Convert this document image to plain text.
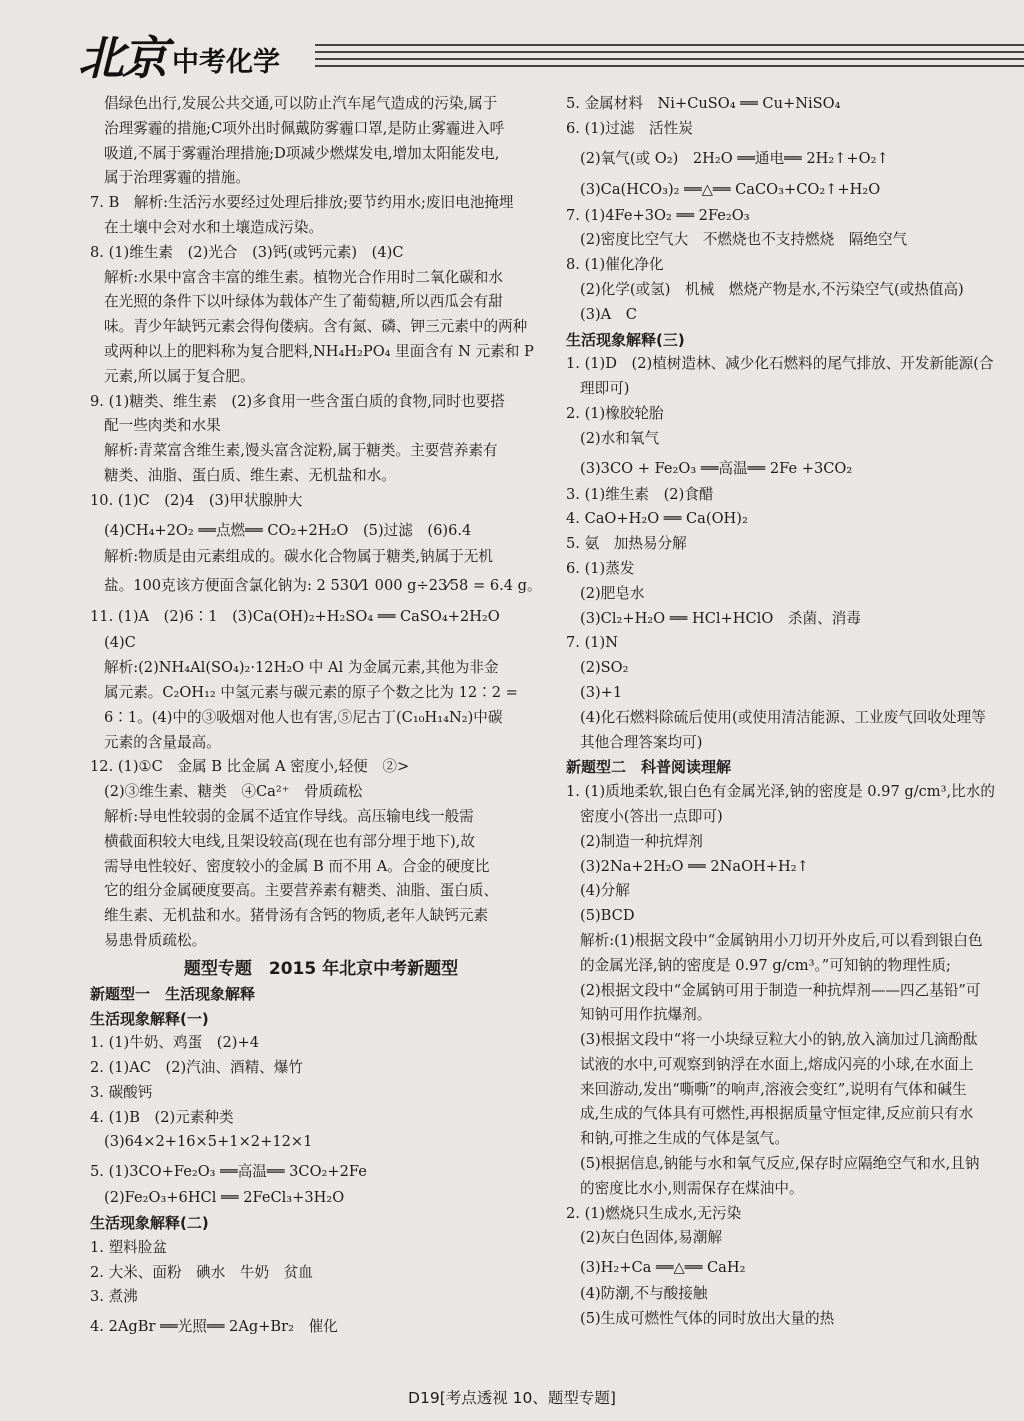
北京 中考化学
倡绿色出行,发展公共交通,可以防止汽车尾气造成的污染,属于
治理雾霾的措施;C项外出时佩戴防雾霾口罩,是防止雾霾进入呼
吸道,不属于雾霾治理措施;D项减少燃煤发电,增加太阳能发电,
属于治理雾霾的措施。
7. B　解析:生活污水要经过处理后排放;要节约用水;废旧电池掩埋
在土壤中会对水和土壤造成污染。
8. (1)维生素　(2)光合　(3)钙(或钙元素)　(4)C
解析:水果中富含丰富的维生素。植物光合作用时二氧化碳和水
在光照的条件下以叶绿体为载体产生了葡萄糖,所以西瓜会有甜
味。青少年缺钙元素会得佝偻病。含有氮、磷、钾三元素中的两种
或两种以上的肥料称为复合肥料,NH₄H₂PO₄ 里面含有 N 元素和 P
元素,所以属于复合肥。
9. (1)糖类、维生素　(2)多食用一些含蛋白质的食物,同时也要搭
配一些肉类和水果
解析:青菜富含维生素,馒头富含淀粉,属于糖类。主要营养素有
糖类、油脂、蛋白质、维生素、无机盐和水。
10. (1)C　(2)4　(3)甲状腺肿大
(4)CH₄+2O₂ ══点燃══ CO₂+2H₂O　(5)过滤　(6)6.4
解析:物质是由元素组成的。碳水化合物属于糖类,钠属于无机
盐。100克该方便面含氯化钠为: 2 530⁄1 000 g÷23⁄58 = 6.4 g。
11. (1)A　(2)6∶1　(3)Ca(OH)₂+H₂SO₄ ══ CaSO₄+2H₂O
(4)C
解析:(2)NH₄Al(SO₄)₂·12H₂O 中 Al 为金属元素,其他为非金
属元素。C₂OH₁₂ 中氢元素与碳元素的原子个数之比为 12∶2 =
6∶1。(4)中的③吸烟对他人也有害,⑤尼古丁(C₁₀H₁₄N₂)中碳
元素的含量最高。
12. (1)①C　金属 B 比金属 A 密度小,轻便　②>
(2)③维生素、糖类　④Ca²⁺　骨质疏松
解析:导电性较弱的金属不适宜作导线。高压输电线一般需
横截面积较大电线,且架设较高(现在也有部分埋于地下),故
需导电性较好、密度较小的金属 B 而不用 A。合金的硬度比
它的组分金属硬度要高。主要营养素有糖类、油脂、蛋白质、
维生素、无机盐和水。猪骨汤有含钙的物质,老年人缺钙元素
易患骨质疏松。
题型专题　2015 年北京中考新题型
新题型一　生活现象解释
生活现象解释(一)
1. (1)牛奶、鸡蛋　(2)+4
2. (1)AC　(2)汽油、酒精、爆竹
3. 碳酸钙
4. (1)B　(2)元素种类
(3)64×2+16×5+1×2+12×1
5. (1)3CO+Fe₂O₃ ══高温══ 3CO₂+2Fe
(2)Fe₂O₃+6HCl ══ 2FeCl₃+3H₂O
生活现象解释(二)
1. 塑料脸盆
2. 大米、面粉　碘水　牛奶　贫血
3. 煮沸
4. 2AgBr ══光照══ 2Ag+Br₂　催化
5. 金属材料　Ni+CuSO₄ ══ Cu+NiSO₄
6. (1)过滤　活性炭
(2)氧气(或 O₂)　2H₂O ══通电══ 2H₂↑+O₂↑
(3)Ca(HCO₃)₂ ══△══ CaCO₃+CO₂↑+H₂O
7. (1)4Fe+3O₂ ══ 2Fe₂O₃
(2)密度比空气大　不燃烧也不支持燃烧　隔绝空气
8. (1)催化净化
(2)化学(或氢)　机械　燃烧产物是水,不污染空气(或热值高)
(3)A　C
生活现象解释(三)
1. (1)D　(2)植树造林、减少化石燃料的尾气排放、开发新能源(合
理即可)
2. (1)橡胶轮胎
(2)水和氧气
(3)3CO + Fe₂O₃ ══高温══ 2Fe +3CO₂
3. (1)维生素　(2)食醋
4. CaO+H₂O ══ Ca(OH)₂
5. 氨　加热易分解
6. (1)蒸发
(2)肥皂水
(3)Cl₂+H₂O ══ HCl+HClO　杀菌、消毒
7. (1)N
(2)SO₂
(3)+1
(4)化石燃料除硫后使用(或使用清洁能源、工业废气回收处理等
其他合理答案均可)
新题型二　科普阅读理解
1. (1)质地柔软,银白色有金属光泽,钠的密度是 0.97 g/cm³,比水的
密度小(答出一点即可)
(2)制造一种抗焊剂
(3)2Na+2H₂O ══ 2NaOH+H₂↑
(4)分解
(5)BCD
解析:(1)根据文段中“金属钠用小刀切开外皮后,可以看到银白色
的金属光泽,钠的密度是 0.97 g/cm³。”可知钠的物理性质;
(2)根据文段中“金属钠可用于制造一种抗焊剂——四乙基铅”可
知钠可用作抗爆剂。
(3)根据文段中“将一小块绿豆粒大小的钠,放入滴加过几滴酚酞
试液的水中,可观察到钠浮在水面上,熔成闪亮的小球,在水面上
来回游动,发出“嘶嘶”的响声,溶液会变红”,说明有气体和碱生
成,生成的气体具有可燃性,再根据质量守恒定律,反应前只有水
和钠,可推之生成的气体是氢气。
(5)根据信息,钠能与水和氧气反应,保存时应隔绝空气和水,且钠
的密度比水小,则需保存在煤油中。
2. (1)燃烧只生成水,无污染
(2)灰白色固体,易潮解
(3)H₂+Ca ══△══ CaH₂
(4)防潮,不与酸接触
(5)生成可燃性气体的同时放出大量的热
D19[考点透视 10、题型专题]
